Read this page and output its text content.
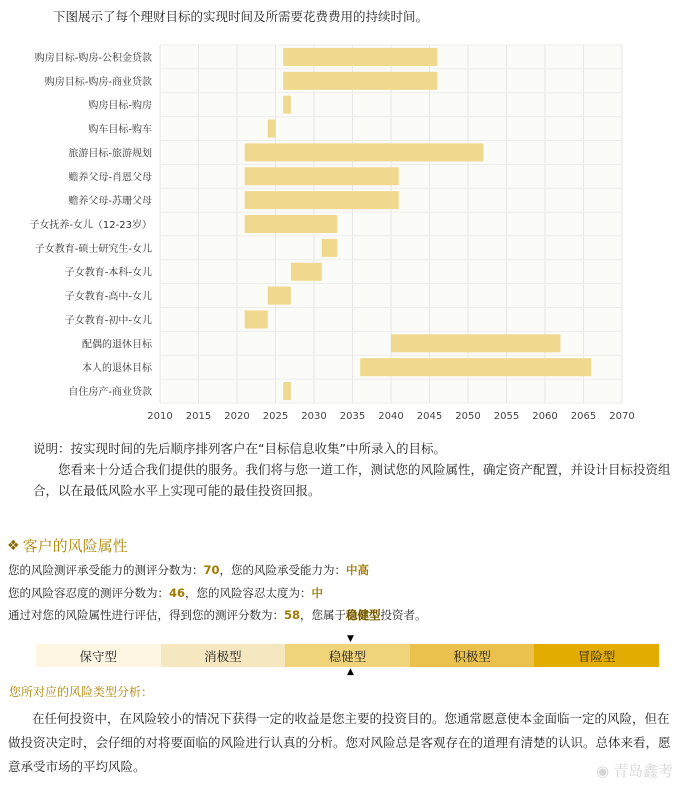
下图展示了每个理财目标的实现时间及所需要花费费用的持续时间。
购房目标-购房-公积金贷款
购房目标-购房-商业贷款
购房目标-购房
购车目标-购车
旅游目标-旅游规划
赡养父母-肖恩父母
赡养父母-苏珊父母
子女抚养-女儿（12-23岁）
子女教育-硕士研究生-女儿
子女教育-本科-女儿
子女教育-高中-女儿
子女教育-初中-女儿
配偶的退休目标
本人的退休目标
自住房产-商业贷款
2010 2015 2020 2025 2030 2035 2040 2045 2050 2055 2060 2065 2070

说明：按实现时间的先后顺序排列客户在“目标信息收集”中所录入的目标。

　　您看来十分适合我们提供的服务。我们将与您一道工作，测试您的风险属性，确定资产配置，并设计目标投资组合，以在最低风险水平上实现可能的最佳投资回报。

❖ 客户的风险属性
您的风险测评承受能力的测评分数为：70，您的风险承受能力为：中高
您的风险容忍度的测评分数为：46，您的风险容忍太度为：中
通过对您的风险属性进行评估，得到您的测评分数为：58，您属于稳健型投资者。
▼
保守型	消极型	稳健型	积极型	冒险型
▲
您所对应的风险类型分析：
在任何投资中，在风险较小的情况下获得一定的收益是您主要的投资目的。您通常愿意使本金面临一定的风险，但在做投资决定时，会仔细的对将要面临的风险进行认真的分析。您对风险总是客观存在的道理有清楚的认识。总体来看，愿意承受市场的平均风险。	◉ 青岛鑫考
